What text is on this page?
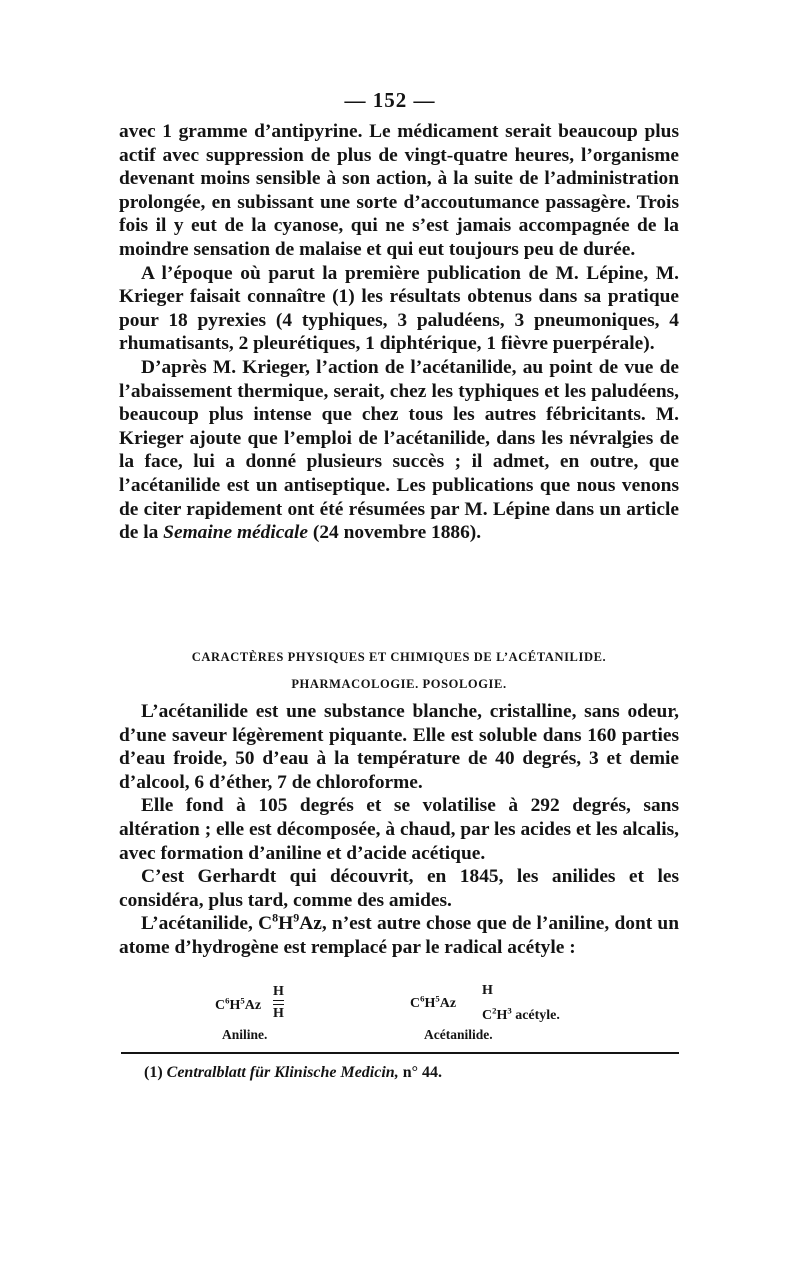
— 152 —

avec 1 gramme d’antipyrine. Le médicament serait beaucoup plus actif avec suppression de plus de vingt-quatre heures, l’organisme devenant moins sensible à son action, à la suite de l’administration prolongée, en subissant une sorte d’accoutumance passagère. Trois fois il y eut de la cyanose, qui ne s’est jamais accompagnée de la moindre sensation de malaise et qui eut toujours peu de durée.

A l’époque où parut la première publication de M. Lépine, M. Krieger faisait connaître (1) les résultats obtenus dans sa pratique pour 18 pyrexies (4 typhiques, 3 paludéens, 3 pneumoniques, 4 rhumatisants, 2 pleurétiques, 1 diphtérique, 1 fièvre puerpérale).

D’après M. Krieger, l’action de l’acétanilide, au point de vue de l’abaissement thermique, serait, chez les typhiques et les paludéens, beaucoup plus intense que chez tous les autres fébricitants. M. Krieger ajoute que l’emploi de l’acétanilide, dans les névralgies de la face, lui a donné plusieurs succès ; il admet, en outre, que l’acétanilide est un antiseptique. Les publications que nous venons de citer rapidement ont été résumées par M. Lépine dans un article de la Semaine médicale (24 novembre 1886).

CARACTÈRES PHYSIQUES ET CHIMIQUES DE L’ACÉTANILIDE.
PHARMACOLOGIE. POSOLOGIE.

L’acétanilide est une substance blanche, cristalline, sans odeur, d’une saveur légèrement piquante. Elle est soluble dans 160 parties d’eau froide, 50 d’eau à la température de 40 degrés, 3 et demie d’alcool, 6 d’éther, 7 de chloroforme.

Elle fond à 105 degrés et se volatilise à 292 degrés, sans altération ; elle est décomposée, à chaud, par les acides et les alcalis, avec formation d’aniline et d’acide acétique.

C’est Gerhardt qui découvrit, en 1845, les anilides et les considéra, plus tard, comme des amides.

L’acétanilide, $C^8H^9Az$, n’est autre chose que de l’aniline, dont un atome d’hydrogène est remplacé par le radical acétyle :

$C^6H^5Az$
H
H
$C^6H^5Az$
H
$C^2H^3$ acétyle.
Aniline.	Acétanilide.
(1) Centralblatt für Klinische Medicin, n° 44.
